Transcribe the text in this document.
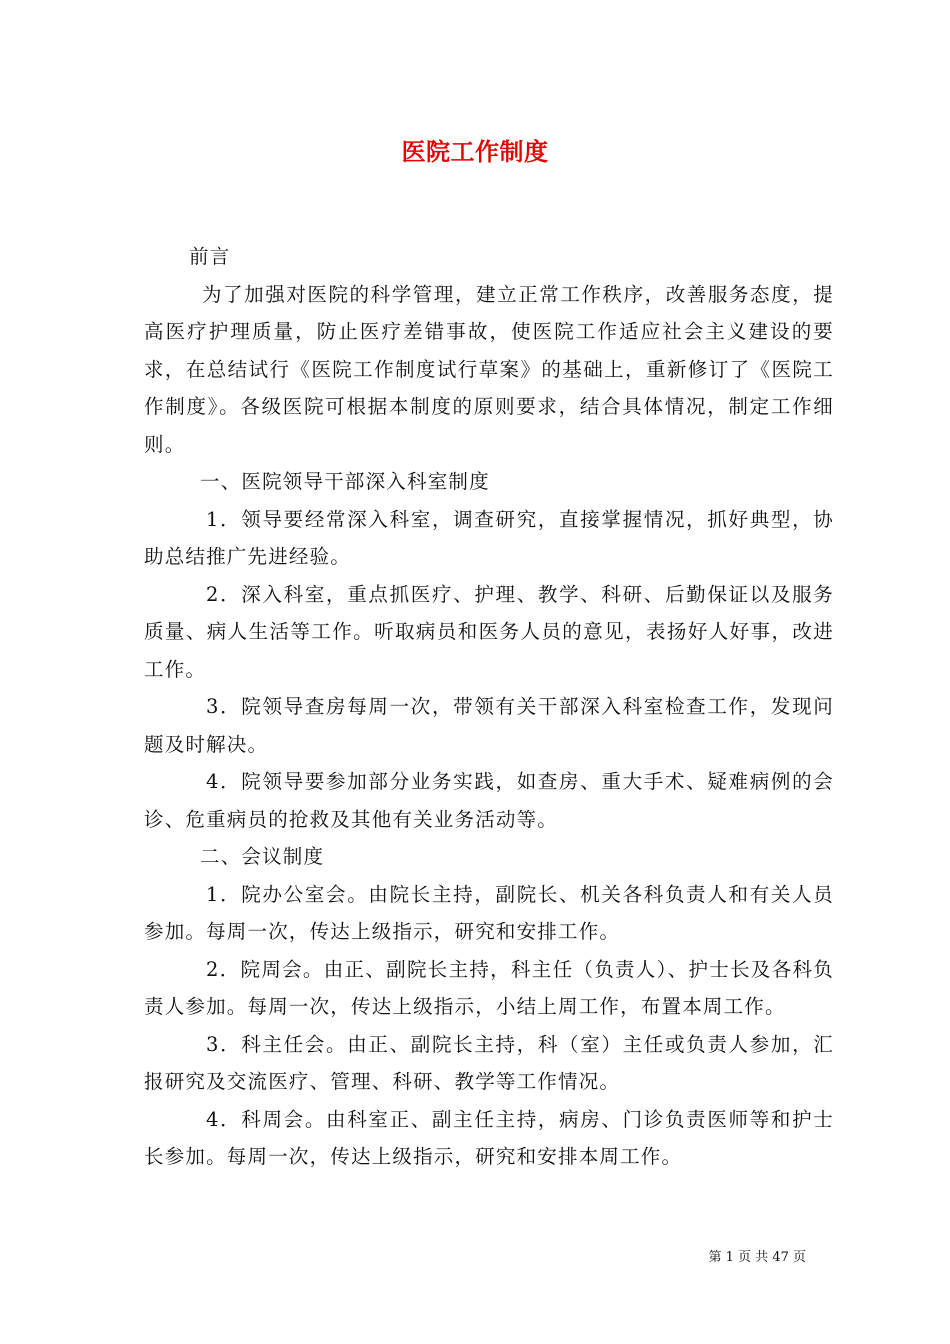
医院工作制度

前言

为了加强对医院的科学管理，建立正常工作秩序，改善服务态度，提高医疗护理质量，防止医疗差错事故，使医院工作适应社会主义建设的要求，在总结试行《医院工作制度试行草案》的基础上，重新修订了《医院工作制度》。各级医院可根据本制度的原则要求，结合具体情况，制定工作细则。

一、医院领导干部深入科室制度

1．领导要经常深入科室，调查研究，直接掌握情况，抓好典型，协助总结推广先进经验。

2．深入科室，重点抓医疗、护理、教学、科研、后勤保证以及服务质量、病人生活等工作。听取病员和医务人员的意见，表扬好人好事，改进工作。

3．院领导查房每周一次，带领有关干部深入科室检查工作，发现问题及时解决。

4．院领导要参加部分业务实践，如查房、重大手术、疑难病例的会诊、危重病员的抢救及其他有关业务活动等。

二、会议制度

1．院办公室会。由院长主持，副院长、机关各科负责人和有关人员参加。每周一次，传达上级指示，研究和安排工作。

2．院周会。由正、副院长主持，科主任（负责人）、护士长及各科负责人参加。每周一次，传达上级指示，小结上周工作，布置本周工作。

3．科主任会。由正、副院长主持，科（室）主任或负责人参加，汇报研究及交流医疗、管理、科研、教学等工作情况。

4．科周会。由科室正、副主任主持，病房、门诊负责医师等和护士长参加。每周一次，传达上级指示，研究和安排本周工作。

第 1 页 共 47 页
